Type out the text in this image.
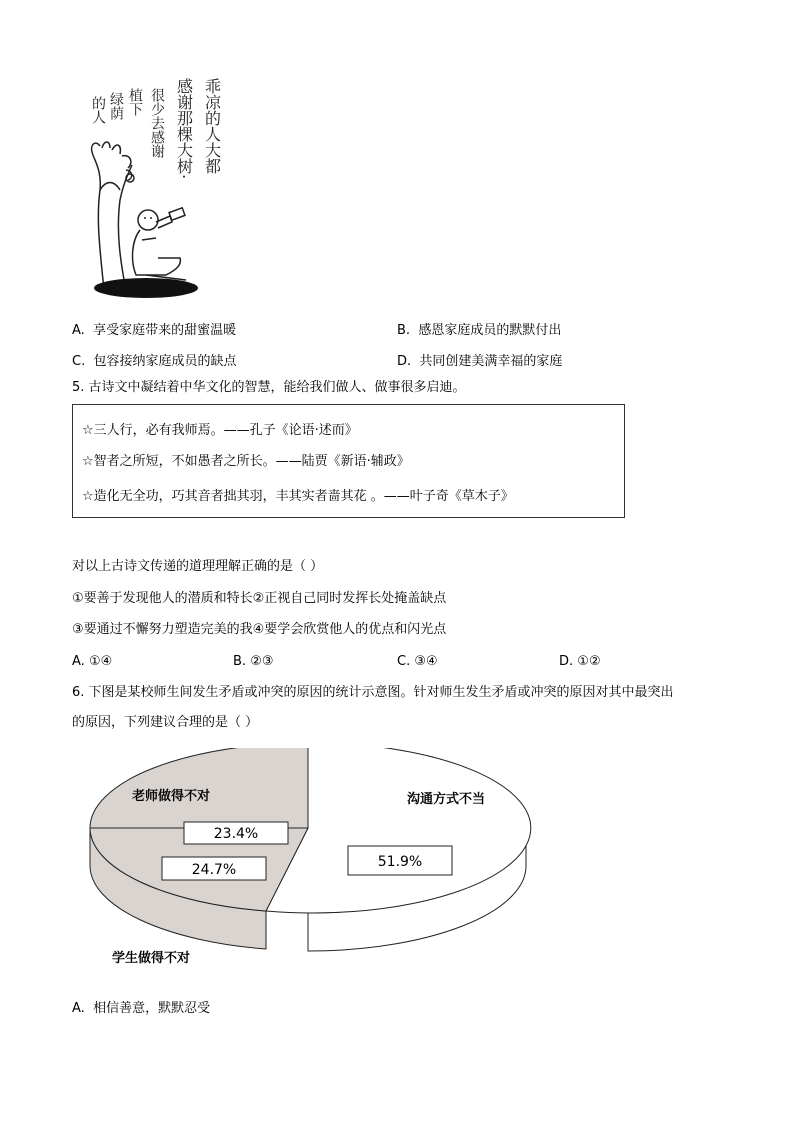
乖凉的人大都
感谢那棵大树·
很少去感谢
植下
绿荫
的人
A. 享受家庭带来的甜蜜温暖	B. 感恩家庭成员的默默付出
C. 包容接纳家庭成员的缺点	D. 共同创建美满幸福的家庭
5. 古诗文中凝结着中华文化的智慧，能给我们做人、做事很多启迪。
☆三人行，必有我师焉。——孔子《论语·述而》
☆智者之所短，不如愚者之所长。——陆贾《新语·辅政》
☆造化无全功，巧其音者拙其羽，丰其实者啬其花 。——叶子奇《草木子》
对以上古诗文传递的道理理解正确的是（ ）
①要善于发现他人的潜质和特长②正视自己同时发挥长处掩盖缺点
③要通过不懈努力塑造完美的我④要学会欣赏他人的优点和闪光点
A. ①④	B. ②③	C. ③④	D. ①②
6. 下图是某校师生间发生矛盾或冲突的原因的统计示意图。针对师生发生矛盾或冲突的原因对其中最突出
的原因，下列建议合理的是（ ）
23.4%
24.7%	51.9%
老师做得不对	沟通方式不当
学生做得不对
A. 相信善意，默默忍受
